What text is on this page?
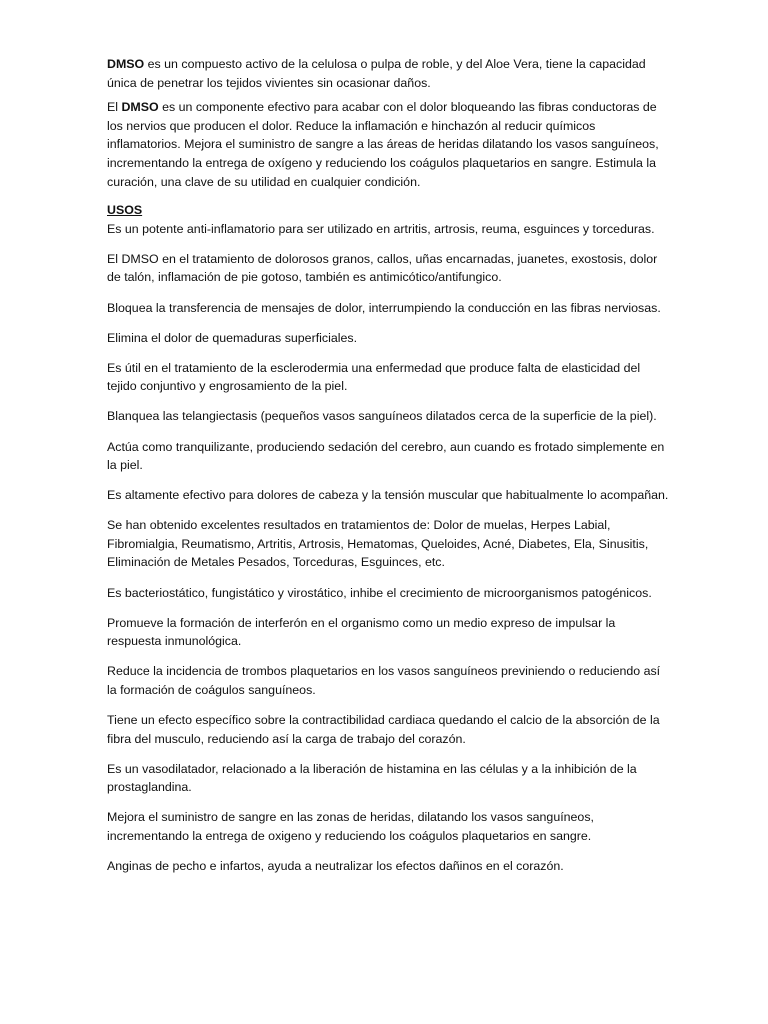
DMSO es un compuesto activo de la celulosa o pulpa de roble, y del Aloe Vera, tiene la capacidad única de penetrar los tejidos vivientes sin ocasionar daños.

El DMSO es un componente efectivo para acabar con el dolor bloqueando las fibras conductoras de los nervios que producen el dolor. Reduce la inflamación e hinchazón al reducir químicos inflamatorios. Mejora el suministro de sangre a las áreas de heridas dilatando los vasos sanguíneos, incrementando la entrega de oxígeno y reduciendo los coágulos plaquetarios en sangre. Estimula la curación, una clave de su utilidad en cualquier condición.

USOS

Es un potente anti-inflamatorio para ser utilizado en artritis, artrosis, reuma, esguinces y torceduras.

El DMSO en el tratamiento de dolorosos granos, callos, uñas encarnadas, juanetes, exostosis, dolor de talón, inflamación de pie gotoso, también es antimicótico/antifungico.

Bloquea la transferencia de mensajes de dolor, interrumpiendo la conducción en las fibras nerviosas.

Elimina el dolor de quemaduras superficiales.

Es útil en el tratamiento de la esclerodermia una enfermedad que produce falta de elasticidad del tejido conjuntivo y engrosamiento de la piel.

Blanquea las telangiectasis (pequeños vasos sanguíneos dilatados cerca de la superficie de la piel).

Actúa como tranquilizante, produciendo sedación del cerebro, aun cuando es frotado simplemente en la piel.

Es altamente efectivo para dolores de cabeza y la tensión muscular que habitualmente lo acompañan.

Se han obtenido excelentes resultados en tratamientos de: Dolor de muelas, Herpes Labial, Fibromialgia, Reumatismo, Artritis, Artrosis, Hematomas, Queloides, Acné, Diabetes, Ela, Sinusitis, Eliminación de Metales Pesados, Torceduras, Esguinces, etc.

Es bacteriostático, fungistático y virostático, inhibe el crecimiento de microorganismos patogénicos.

Promueve la formación de interferón en el organismo como un medio expreso de impulsar la respuesta inmunológica.

Reduce la incidencia de trombos plaquetarios en los vasos sanguíneos previniendo o reduciendo así la formación de coágulos sanguíneos.

Tiene un efecto específico sobre la contractibilidad cardiaca quedando el calcio de la absorción de la fibra del musculo, reduciendo así la carga de trabajo del corazón.

Es un vasodilatador, relacionado a la liberación de histamina en las células y a la inhibición de la prostaglandina.

Mejora el suministro de sangre en las zonas de heridas, dilatando los vasos sanguíneos, incrementando la entrega de oxigeno y reduciendo los coágulos plaquetarios en sangre.

Anginas de pecho e infartos, ayuda a neutralizar los efectos dañinos en el corazón.
